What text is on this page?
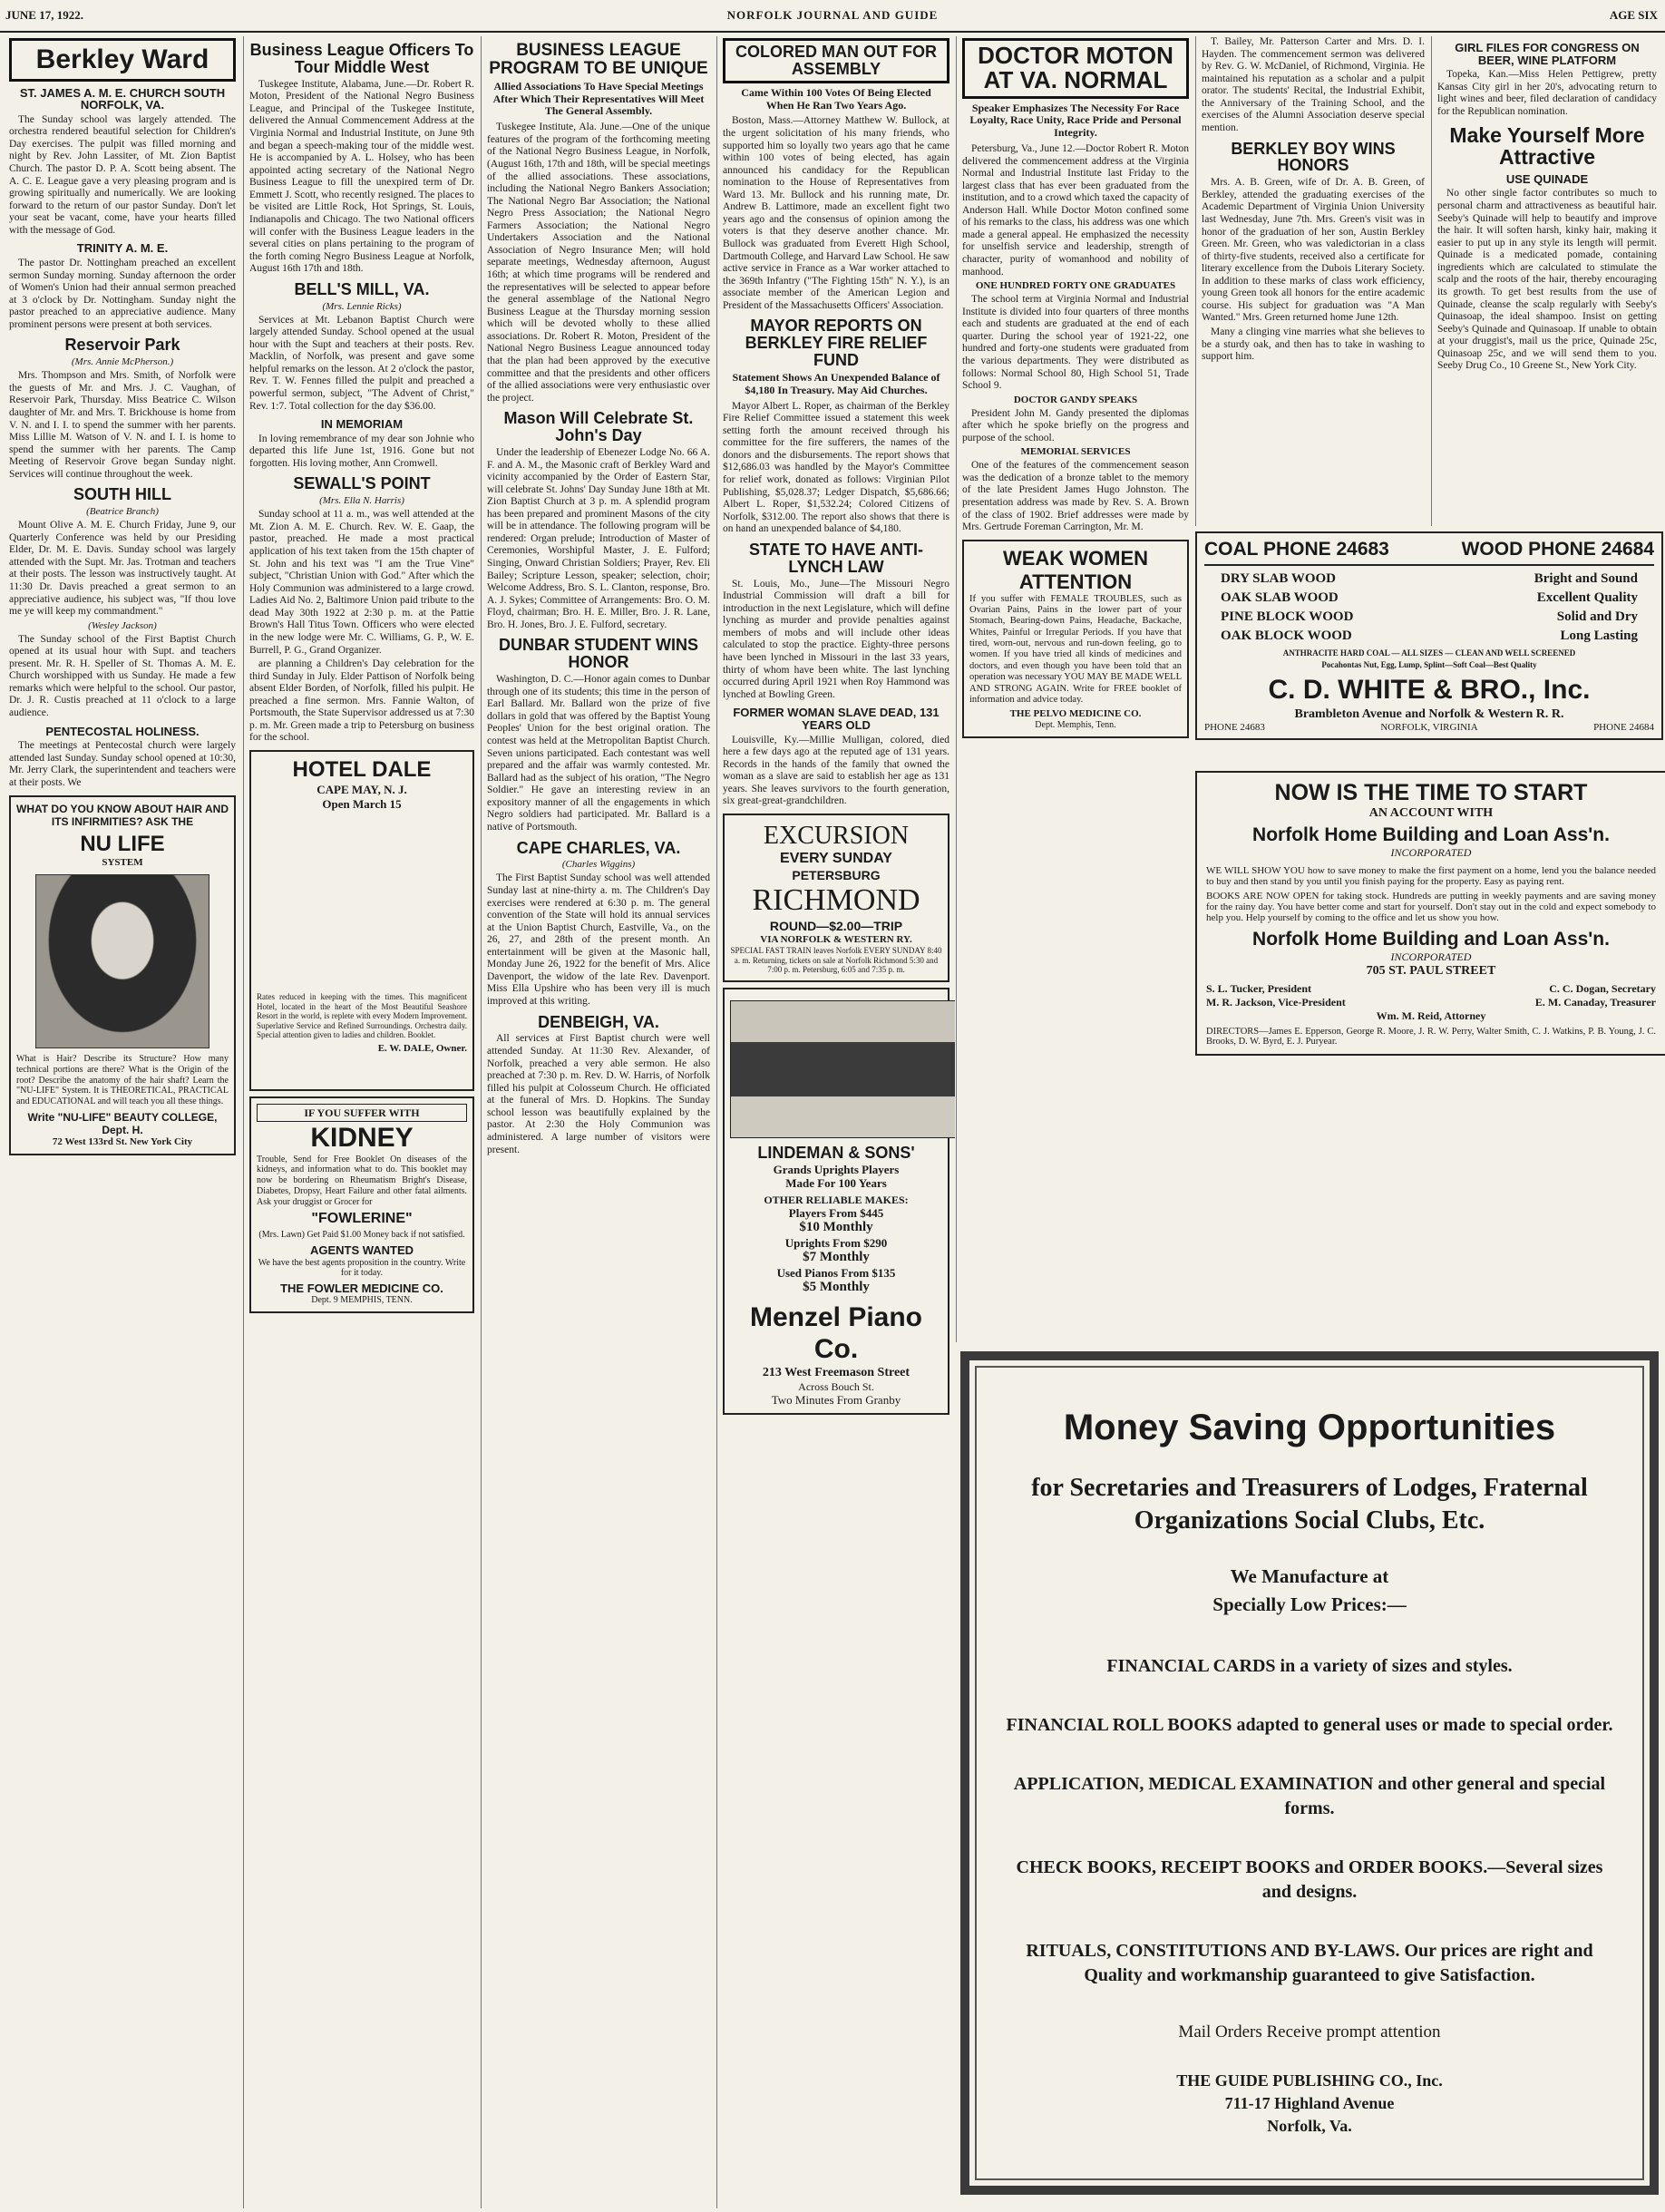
JUNE 17, 1922.	NORFOLK JOURNAL AND GUIDE	AGE SIX
Berkley Ward
ST. JAMES A. M. E. CHURCH SOUTH NORFOLK, VA.

The Sunday school was largely attended. The orchestra rendered beautiful selection for Children's Day exercises. The pulpit was filled morning and night by Rev. John Lassiter, of Mt. Zion Baptist Church. The pastor D. P. A. Scott being absent. The A. C. E. League gave a very pleasing program and is growing spiritually and numerically. We are looking forward to the return of our pastor Sunday. Don't let your seat be vacant, come, have your hearts filled with the message of God.

TRINITY A. M. E.

The pastor Dr. Nottingham preached an excellent sermon Sunday morning. Sunday afternoon the order of Women's Union had their annual sermon preached at 3 o'clock by Dr. Nottingham. Sunday night the pastor preached to an appreciative audience. Many prominent persons were present at both services.

Reservoir Park
(Mrs. Annie McPherson.)

Mrs. Thompson and Mrs. Smith, of Norfolk were the guests of Mr. and Mrs. J. C. Vaughan, of Reservoir Park, Thursday. Miss Beatrice C. Wilson daughter of Mr. and Mrs. T. Brickhouse is home from V. N. and I. I. to spend the summer with her parents. Miss Lillie M. Watson of V. N. and I. I. is home to spend the summer with her parents. The Camp Meeting of Reservoir Grove began Sunday night. Services will continue throughout the week.

SOUTH HILL
(Beatrice Branch)

Mount Olive A. M. E. Church Friday, June 9, our Quarterly Conference was held by our Presiding Elder, Dr. M. E. Davis. Sunday school was largely attended with the Supt. Mr. Jas. Trotman and teachers at their posts. The lesson was instructively taught. At 11:30 Dr. Davis preached a great sermon to an appreciative audience, his subject was, "If thou love me ye will keep my commandment."

(Wesley Jackson)

The Sunday school of the First Baptist Church opened at its usual hour with Supt. and teachers present. Mr. R. H. Speller of St. Thomas A. M. E. Church worshipped with us Sunday. He made a few remarks which were helpful to the school. Our pastor, Dr. J. R. Custis preached at 11 o'clock to a large audience.

PENTECOSTAL HOLINESS.

The meetings at Pentecostal church were largely attended last Sunday. Sunday school opened at 10:30, Mr. Jerry Clark, the superintendent and teachers were at their posts. We

WHAT DO YOU KNOW ABOUT HAIR AND ITS INFIRMITIES? ASK THE
NU LIFE
SYSTEM
What is Hair? Describe its Structure? How many technical portions are there? What is the Origin of the root? Describe the anatomy of the hair shaft? Learn the "NU-LIFE" System. It is THEORETICAL, PRACTICAL and EDUCATIONAL and will teach you all these things.
Write "NU-LIFE" BEAUTY COLLEGE, Dept. H.
72 West 133rd St. New York City
Business League Officers To Tour Middle West

Tuskegee Institute, Alabama, June.—Dr. Robert R. Moton, President of the National Negro Business League, and Principal of the Tuskegee Institute, delivered the Annual Commencement Address at the Virginia Normal and Industrial Institute, on June 9th and began a speech-making tour of the middle west. He is accompanied by A. L. Holsey, who has been appointed acting secretary of the National Negro Business League to fill the unexpired term of Dr. Emmett J. Scott, who recently resigned. The places to be visited are Little Rock, Hot Springs, St. Louis, Indianapolis and Chicago. The two National officers will confer with the Business League leaders in the several cities on plans pertaining to the program of the forth coming Negro Business League at Norfolk, August 16th 17th and 18th.

BELL'S MILL, VA.
(Mrs. Lennie Ricks)

Services at Mt. Lebanon Baptist Church were largely attended Sunday. School opened at the usual hour with the Supt and teachers at their posts. Rev. Macklin, of Norfolk, was present and gave some helpful remarks on the lesson. At 2 o'clock the pastor, Rev. T. W. Fennes filled the pulpit and preached a powerful sermon, subject, "The Advent of Christ," Rev. 1:7. Total collection for the day $36.00.

IN MEMORIAM

In loving remembrance of my dear son Johnie who departed this life June 1st, 1916. Gone but not forgotten. His loving mother, Ann Cromwell.

SEWALL'S POINT
(Mrs. Ella N. Harris)

Sunday school at 11 a. m., was well attended at the Mt. Zion A. M. E. Church. Rev. W. E. Gaap, the pastor, preached. He made a most practical application of his text taken from the 15th chapter of St. John and his text was "I am the True Vine" subject, "Christian Union with God." After which the Holy Communion was administered to a large crowd. Ladies Aid No. 2, Baltimore Union paid tribute to the dead May 30th 1922 at 2:30 p. m. at the Pattie Brown's Hall Titus Town. Officers who were elected in the new lodge were Mr. C. Williams, G. P., W. E. Burrell, P. G., Grand Organizer.

are planning a Children's Day celebration for the third Sunday in July. Elder Pattison of Norfolk being absent Elder Borden, of Norfolk, filled his pulpit. He preached a fine sermon. Mrs. Fannie Walton, of Portsmouth, the State Supervisor addressed us at 7:30 p. m. Mr. Green made a trip to Petersburg on business for the school.

HOTEL DALE
CAPE MAY, N. J.
Open March 15
Rates reduced in keeping with the times. This magnificent Hotel, located in the heart of the Most Beautiful Seashore Resort in the world, is replete with every Modern Improvement. Superlative Service and Refined Surroundings. Orchestra daily. Special attention given to ladies and children. Booklet.
E. W. DALE, Owner.
IF YOU SUFFER WITH
KIDNEY
Trouble, Send for Free Booklet On diseases of the kidneys, and information what to do. This booklet may now be bordering on Rheumatism Bright's Disease, Diabetes, Dropsy, Heart Failure and other fatal ailments. Ask your druggist or Grocer for
"FOWLERINE"
(Mrs. Lawn) Get Paid $1.00 Money back if not satisfied.
AGENTS WANTED
We have the best agents proposition in the country. Write for it today.
THE FOWLER MEDICINE CO.
Dept. 9 MEMPHIS, TENN.
BUSINESS LEAGUE PROGRAM TO BE UNIQUE
Allied Associations To Have Special Meetings After Which Their Representatives Will Meet The General Assembly.

Tuskegee Institute, Ala. June.—One of the unique features of the program of the forthcoming meeting of the National Negro Business League, in Norfolk, (August 16th, 17th and 18th, will be special meetings of the allied associations. These associations, including the National Negro Bankers Association; The National Negro Bar Association; the National Negro Press Association; the National Negro Farmers Association; the National Negro Undertakers Association and the National Association of Negro Insurance Men; will hold separate meetings, Wednesday afternoon, August 16th; at which time programs will be rendered and the representatives will be selected to appear before the general assemblage of the National Negro Business League at the Thursday morning session which will be devoted wholly to these allied associations. Dr. Robert R. Moton, President of the National Negro Business League announced today that the plan had been approved by the executive committee and that the presidents and other officers of the allied associations were very enthusiastic over the project.

Mason Will Celebrate St. John's Day

Under the leadership of Ebenezer Lodge No. 66 A. F. and A. M., the Masonic craft of Berkley Ward and vicinity accompanied by the Order of Eastern Star, will celebrate St. Johns' Day Sunday June 18th at Mt. Zion Baptist Church at 3 p. m. A splendid program has been prepared and prominent Masons of the city will be in attendance. The following program will be rendered: Organ prelude; Introduction of Master of Ceremonies, Worshipful Master, J. E. Fulford; Singing, Onward Christian Soldiers; Prayer, Rev. Eli Bailey; Scripture Lesson, speaker; selection, choir; Welcome Address, Bro. S. L. Clanton, response, Bro. A. J. Sykes; Committee of Arrangements: Bro. O. M. Floyd, chairman; Bro. H. E. Miller, Bro. J. R. Lane, Bro. H. Jones, Bro. J. E. Fulford, secretary.

DUNBAR STUDENT WINS HONOR

Washington, D. C.—Honor again comes to Dunbar through one of its students; this time in the person of Earl Ballard. Mr. Ballard won the prize of five dollars in gold that was offered by the Baptist Young Peoples' Union for the best original oration. The contest was held at the Metropolitan Baptist Church. Seven unions participated. Each contestant was well prepared and the affair was warmly contested. Mr. Ballard had as the subject of his oration, "The Negro Soldier." He gave an interesting review in an expository manner of all the engagements in which Negro soldiers had participated. Mr. Ballard is a native of Portsmouth.

CAPE CHARLES, VA.
(Charles Wiggins)

The First Baptist Sunday school was well attended Sunday last at nine-thirty a. m. The Children's Day exercises were rendered at 6:30 p. m. The general convention of the State will hold its annual services at the Union Baptist Church, Eastville, Va., on the 26, 27, and 28th of the present month. An entertainment will be given at the Masonic hall, Monday June 26, 1922 for the benefit of Mrs. Alice Davenport, the widow of the late Rev. Davenport. Miss Ella Upshire who has been very ill is much improved at this writing.

DENBEIGH, VA.

All services at First Baptist church were well attended Sunday. At 11:30 Rev. Alexander, of Norfolk, preached a very able sermon. He also preached at 7:30 p. m. Rev. D. W. Harris, of Norfolk filled his pulpit at Colosseum Church. He officiated at the funeral of Mrs. D. Hopkins. The Sunday school lesson was beautifully explained by the pastor. At 2:30 the Holy Communion was administered. A large number of visitors were present.

COLORED MAN OUT FOR ASSEMBLY
Came Within 100 Votes Of Being Elected When He Ran Two Years Ago.

Boston, Mass.—Attorney Matthew W. Bullock, at the urgent solicitation of his many friends, who supported him so loyally two years ago that he came within 100 votes of being elected, has again announced his candidacy for the Republican nomination to the House of Representatives from Ward 13. Mr. Bullock and his running mate, Dr. Andrew B. Lattimore, made an excellent fight two years ago and the consensus of opinion among the voters is that they deserve another chance. Mr. Bullock was graduated from Everett High School, Dartmouth College, and Harvard Law School. He saw active service in France as a War worker attached to the 369th Infantry ("The Fighting 15th" N. Y.), is an associate member of the American Legion and President of the Massachusetts Officers' Association.

MAYOR REPORTS ON BERKLEY FIRE RELIEF FUND
Statement Shows An Unexpended Balance of $4,180 In Treasury. May Aid Churches.

Mayor Albert L. Roper, as chairman of the Berkley Fire Relief Committee issued a statement this week setting forth the amount received through his committee for the fire sufferers, the names of the donors and the disbursements. The report shows that $12,686.03 was handled by the Mayor's Committee for relief work, donated as follows: Virginian Pilot Publishing, $5,028.37; Ledger Dispatch, $5,686.66; Albert L. Roper, $1,532.24; Colored Citizens of Norfolk, $312.00. The report also shows that there is on hand an unexpended balance of $4,180.

STATE TO HAVE ANTI-LYNCH LAW

St. Louis, Mo., June—The Missouri Negro Industrial Commission will draft a bill for introduction in the next Legislature, which will define lynching as murder and provide penalties against members of mobs and will include other ideas calculated to stop the practice. Eighty-three persons have been lynched in Missouri in the last 33 years, thirty of whom have been white. The last lynching occurred during April 1921 when Roy Hammond was lynched at Bowling Green.

FORMER WOMAN SLAVE DEAD, 131 YEARS OLD

Louisville, Ky.—Millie Mulligan, colored, died here a few days ago at the reputed age of 131 years. Records in the hands of the family that owned the woman as a slave are said to establish her age as 131 years. She leaves survivors to the fourth generation, six great-great-grandchildren.

EXCURSION
EVERY SUNDAY
PETERSBURG
RICHMOND
ROUND—$2.00—TRIP
VIA NORFOLK & WESTERN RY.
SPECIAL FAST TRAIN leaves Norfolk EVERY SUNDAY 8:40 a. m. Returning, tickets on sale at Norfolk Richmond 5:30 and 7:00 p. m. Petersburg, 6:05 and 7:35 p. m.
LINDEMAN & SONS'
Grands Uprights Players
Made For 100 Years
OTHER RELIABLE MAKES:
Players From $445
$10 Monthly
Uprights From $290
$7 Monthly
Used Pianos From $135
$5 Monthly
Menzel Piano Co.
213 West Freemason Street
Across Bouch St.
Two Minutes From Granby
DOCTOR MOTON AT VA. NORMAL
Speaker Emphasizes The Necessity For Race Loyalty, Race Unity, Race Pride and Personal Integrity.

Petersburg, Va., June 12.—Doctor Robert R. Moton delivered the commencement address at the Virginia Normal and Industrial Institute last Friday to the largest class that has ever been graduated from the institution, and to a crowd which taxed the capacity of Anderson Hall. While Doctor Moton confined some of his remarks to the class, his address was one which made a general appeal. He emphasized the necessity for unselfish service and leadership, strength of character, purity of womanhood and nobility of manhood.

ONE HUNDRED FORTY ONE GRADUATES

The school term at Virginia Normal and Industrial Institute is divided into four quarters of three months each and students are graduated at the end of each quarter. During the school year of 1921-22, one hundred and forty-one students were graduated from the various departments. They were distributed as follows: Normal School 80, High School 51, Trade School 9.

DOCTOR GANDY SPEAKS

President John M. Gandy presented the diplomas after which he spoke briefly on the progress and purpose of the school.

MEMORIAL SERVICES

One of the features of the commencement season was the dedication of a bronze tablet to the memory of the late President James Hugo Johnston. The presentation address was made by Rev. S. A. Brown of the class of 1902. Brief addresses were made by Mrs. Gertrude Foreman Carrington, Mr. M.

WEAK WOMEN ATTENTION
If you suffer with FEMALE TROUBLES, such as Ovarian Pains, Pains in the lower part of your Stomach, Bearing-down Pains, Headache, Backache, Whites, Painful or Irregular Periods. If you have that tired, worn-out, nervous and run-down feeling, go to women. If you have tried all kinds of medicines and doctors, and even though you have been told that an operation was necessary YOU MAY BE MADE WELL AND STRONG AGAIN. Write for FREE booklet of information and advice today.
THE PELVO MEDICINE CO.
Dept. Memphis, Tenn.

T. Bailey, Mr. Patterson Carter and Mrs. D. I. Hayden. The commencement sermon was delivered by Rev. G. W. McDaniel, of Richmond, Virginia. He maintained his reputation as a scholar and a pulpit orator. The students' Recital, the Industrial Exhibit, the Anniversary of the Training School, and the exercises of the Alumni Association deserve special mention.

BERKLEY BOY WINS HONORS

Mrs. A. B. Green, wife of Dr. A. B. Green, of Berkley, attended the graduating exercises of the Academic Department of Virginia Union University last Wednesday, June 7th. Mrs. Green's visit was in honor of the graduation of her son, Austin Berkley Green. Mr. Green, who was valedictorian in a class of thirty-five students, received also a certificate for literary excellence from the Dubois Literary Society. In addition to these marks of class work efficiency, young Green took all honors for the entire academic course. His subject for graduation was "A Man Wanted." Mrs. Green returned home June 12th.

Many a clinging vine marries what she believes to be a sturdy oak, and then has to take in washing to support him.

GIRL FILES FOR CONGRESS ON BEER, WINE PLATFORM

Topeka, Kan.—Miss Helen Pettigrew, pretty Kansas City girl in her 20's, advocating return to light wines and beer, filed declaration of candidacy for the Republican nomination.

Make Yourself More Attractive
USE QUINADE

No other single factor contributes so much to personal charm and attractiveness as beautiful hair. Seeby's Quinade will help to beautify and improve the hair. It will soften harsh, kinky hair, making it easier to put up in any style its length will permit. Quinade is a medicated pomade, containing ingredients which are calculated to stimulate the scalp and the roots of the hair, thereby encouraging its growth. To get best results from the use of Quinade, cleanse the scalp regularly with Seeby's Quinasoap, the ideal shampoo. Insist on getting Seeby's Quinade and Quinasoap. If unable to obtain at your druggist's, mail us the price, Quinade 25c, Quinasoap 25c, and we will send them to you. Seeby Drug Co., 10 Greene St., New York City.

COAL PHONE 24683	WOOD PHONE 24684
DRY SLAB WOOD	Bright and Sound
OAK SLAB WOOD	Excellent Quality
PINE BLOCK WOOD	Solid and Dry
OAK BLOCK WOOD	Long Lasting
ANTHRACITE HARD COAL — ALL SIZES — CLEAN AND WELL SCREENED
Pocahontas Nut, Egg, Lump, Splint—Soft Coal—Best Quality
C. D. WHITE & BRO., Inc.
Brambleton Avenue and Norfolk & Western R. R.
PHONE 24683	NORFOLK, VIRGINIA	PHONE 24684
NOW IS THE TIME TO START
AN ACCOUNT WITH
Norfolk Home Building and Loan Ass'n.
INCORPORATED
WE WILL SHOW YOU how to save money to make the first payment on a home, lend you the balance needed to buy and then stand by you until you finish paying for the property. Easy as paying rent.
BOOKS ARE NOW OPEN for taking stock. Hundreds are putting in weekly payments and are saving money for the rainy day. You have better come and start for yourself. Don't stay out in the cold and expect somebody to help you. Help yourself by coming to the office and let us show you how.
Norfolk Home Building and Loan Ass'n.
INCORPORATED
705 ST. PAUL STREET
S. L. Tucker, President	C. C. Dogan, Secretary
M. R. Jackson, Vice-President	E. M. Canaday, Treasurer
Wm. M. Reid, Attorney
DIRECTORS—James E. Epperson, George R. Moore, J. R. W. Perry, Walter Smith, C. J. Watkins, P. B. Young, J. C. Brooks, D. W. Byrd, E. J. Puryear.
Money Saving Opportunities
for Secretaries and Treasurers of Lodges, Fraternal Organizations Social Clubs, Etc.
We Manufacture at
Specially Low Prices:—
FINANCIAL CARDS in a variety of sizes and styles.
FINANCIAL ROLL BOOKS adapted to general uses or made to special order.
APPLICATION, MEDICAL EXAMINATION and other general and special forms.
CHECK BOOKS, RECEIPT BOOKS and ORDER BOOKS.—Several sizes and designs.
RITUALS, CONSTITUTIONS AND BY-LAWS. Our prices are right and Quality and workmanship guaranteed to give Satisfaction.
Mail Orders Receive prompt attention
THE GUIDE PUBLISHING CO., Inc.
711-17 Highland Avenue
Norfolk, Va.
